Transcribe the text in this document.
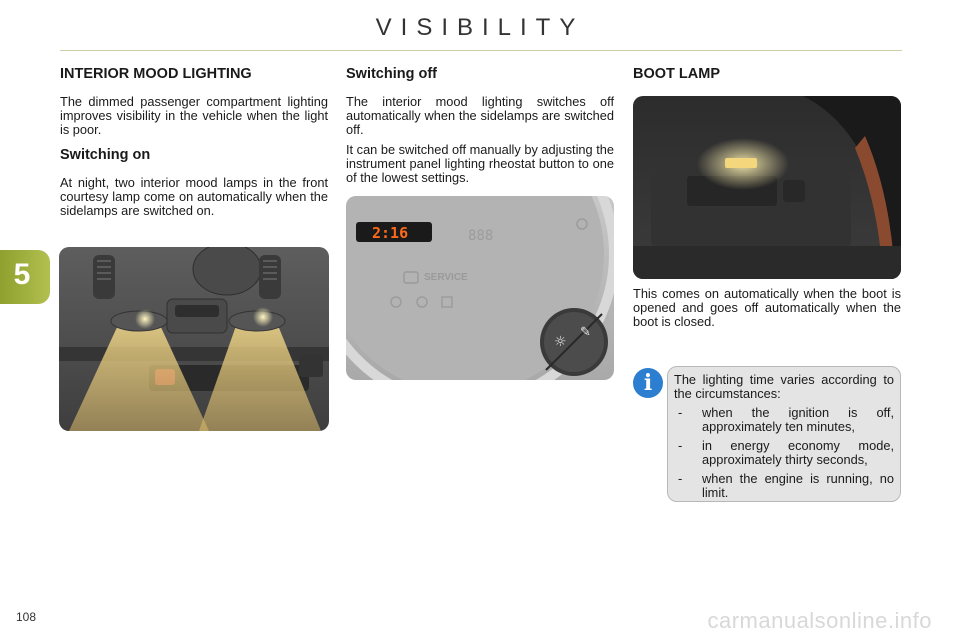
VISIBILITY
5
INTERIOR MOOD LIGHTING

The dimmed passenger compartment lighting improves visibility in the vehicle when the light is poor.

Switching on

At night, two interior mood lamps in the front courtesy lamp come on automatically when the sidelamps are switched on.

Switching off

The interior mood lighting switches off automatically when the sidelamps are switched off.

It can be switched off manually by adjusting the instrument panel lighting rheostat button to one of the lowest settings.

BOOT LAMP

This comes on automatically when the boot is opened and goes off automatically when the boot is closed.

2:16
SERVICE
888
☼
✎
i	The lighting time varies according to the circumstances:

- when the ignition is off, approximately ten minutes,
- in energy economy mode, approximately thirty seconds,
- when the engine is running, no limit.
108	carmanualsonline.info
